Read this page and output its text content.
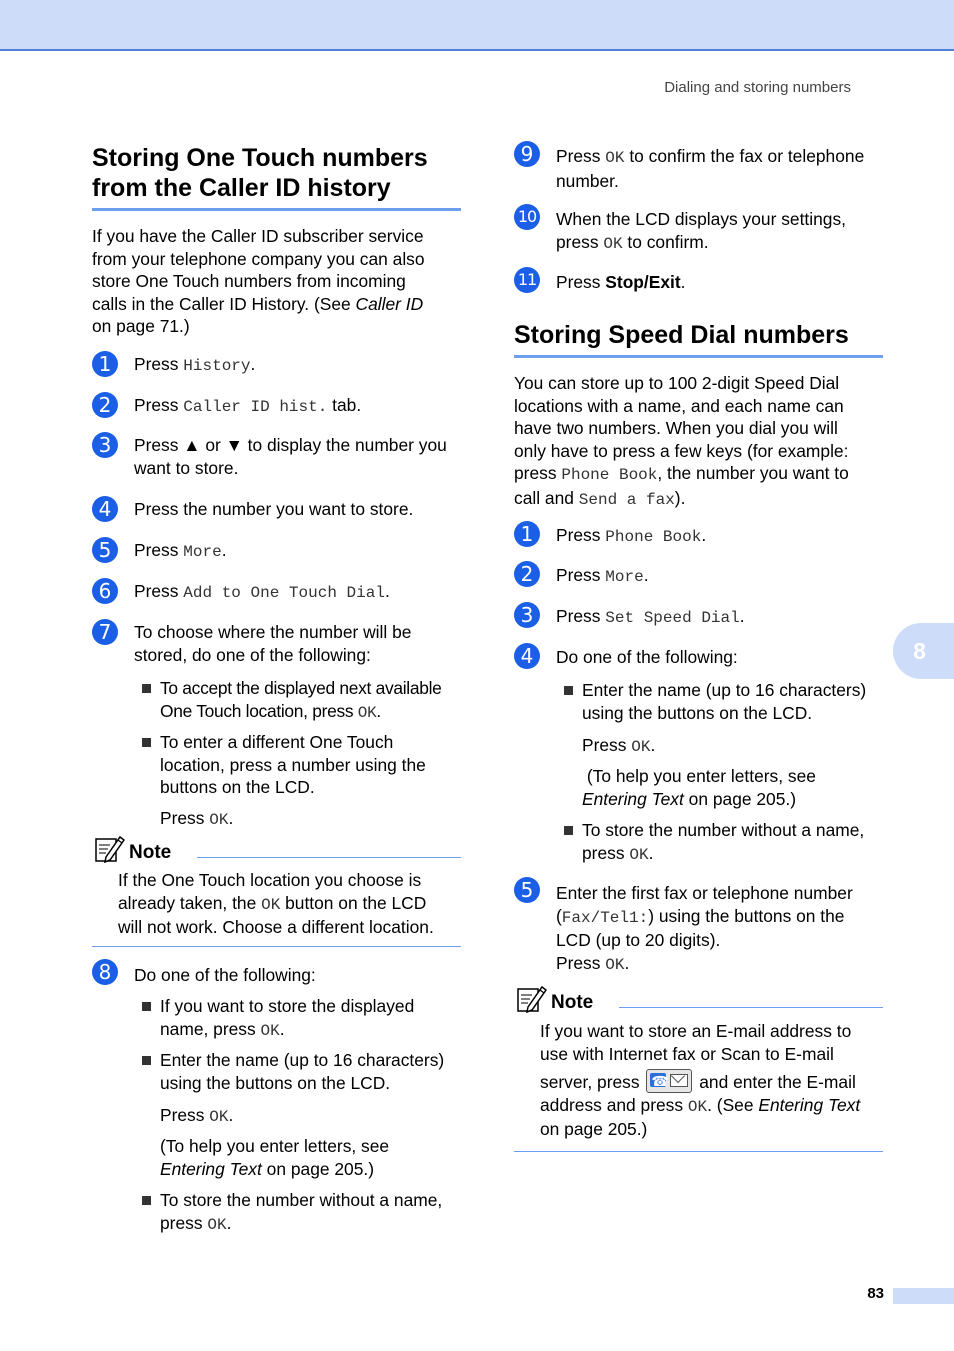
Dialing and storing numbers
Storing One Touch numbers
from the Caller ID history
If you have the Caller ID subscriber service
from your telephone company you can also
store One Touch numbers from incoming
calls in the Caller ID History. (See Caller ID
on page 71.)
1	Press History.
2	Press Caller ID hist. tab.
3	Press ▲ or ▼ to display the number you
want to store.
4	Press the number you want to store.
5	Press More.
6	Press Add to One Touch Dial.
7	To choose where the number will be
stored, do one of the following:
To accept the displayed next available
One Touch location, press OK.
To enter a different One Touch
location, press a number using the
buttons on the LCD.
Press OK.
Note
If the One Touch location you choose is
already taken, the OK button on the LCD
will not work. Choose a different location.
8	Do one of the following:
If you want to store the displayed
name, press OK.
Enter the name (up to 16 characters)
using the buttons on the LCD.
Press OK.
(To help you enter letters, see
Entering Text on page 205.)
To store the number without a name,
press OK.
9	Press OK to confirm the fax or telephone
number.
10 When the LCD displays your settings,
press OK to confirm.
11 Press Stop/Exit.
Storing Speed Dial numbers
You can store up to 100 2-digit Speed Dial
locations with a name, and each name can
have two numbers. When you dial you will
only have to press a few keys (for example:
press Phone Book, the number you want to
call and Send a fax).
1	Press Phone Book.
2	Press More.
3	Press Set Speed Dial.
4	Do one of the following:
Enter the name (up to 16 characters)
using the buttons on the LCD.
Press OK.
(To help you enter letters, see
Entering Text on page 205.)
To store the number without a name,
press OK.
5	Enter the first fax or telephone number
(Fax/Tel1:) using the buttons on the
LCD (up to 20 digits).
Press OK.
Note
If you want to store an E-mail address to
use with Internet fax or Scan to E-mail
server, press
☎	and enter the E-mail
address and press OK. (See Entering Text
on page 205.)
8
83
